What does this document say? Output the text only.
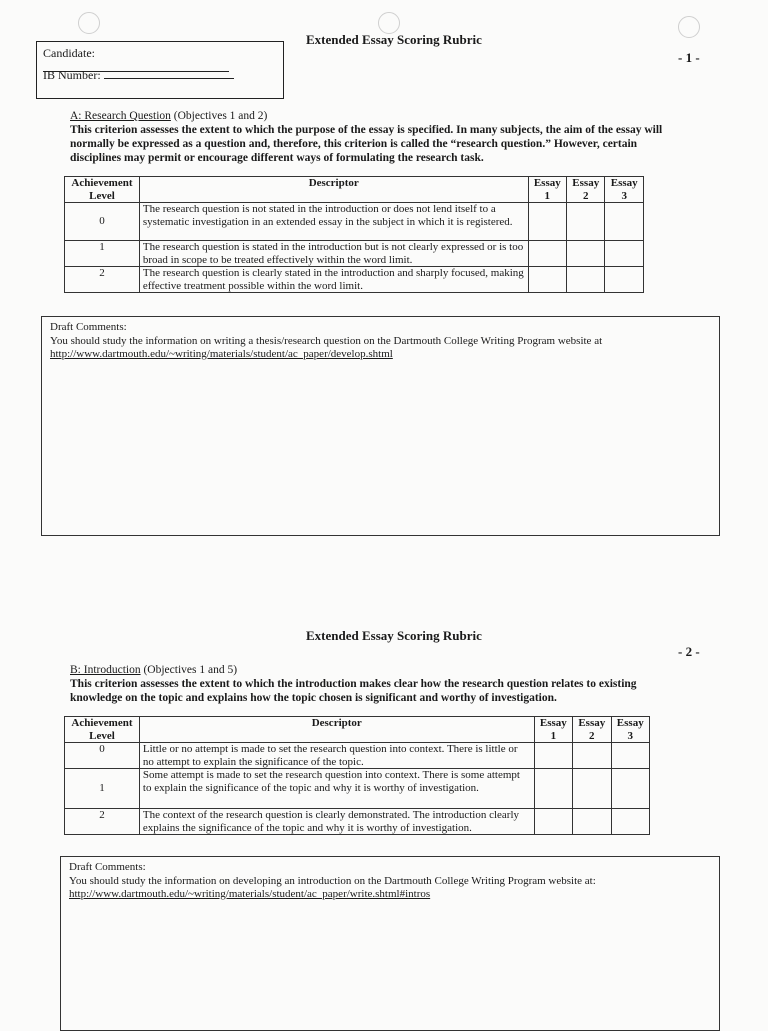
Extended Essay Scoring Rubric
- 1 -
Candidate:
IB Number:
A: Research Question (Objectives 1 and 2)
This criterion assesses the extent to which the purpose of the essay is specified. In many subjects, the aim of the essay will normally be expressed as a question and, therefore, this criterion is called the “research question.” However, certain disciplines may permit or encourage different ways of formulating the research task.
Achievement Level	Descriptor	Essay 1	Essay 2	Essay 3
0	The research question is not stated in the introduction or does not lend itself to a systematic investigation in an extended essay in the subject in which it is registered.			
1	The research question is stated in the introduction but is not clearly expressed or is too broad in scope to be treated effectively within the word limit.			
2	The research question is clearly stated in the introduction and sharply focused, making effective treatment possible within the word limit.			
Draft Comments:
You should study the information on writing a thesis/research question on the Dartmouth College Writing Program website at
http://www.dartmouth.edu/~writing/materials/student/ac_paper/develop.shtml
Extended Essay Scoring Rubric
- 2 -
B: Introduction (Objectives 1 and 5)
This criterion assesses the extent to which the introduction makes clear how the research question relates to existing knowledge on the topic and explains how the topic chosen is significant and worthy of investigation.
Achievement Level	Descriptor	Essay 1	Essay 2	Essay 3
0	Little or no attempt is made to set the research question into context. There is little or no attempt to explain the significance of the topic.			
1	Some attempt is made to set the research question into context. There is some attempt to explain the significance of the topic and why it is worthy of investigation.			
2	The context of the research question is clearly demonstrated. The introduction clearly explains the significance of the topic and why it is worthy of investigation.			
Draft Comments:
You should study the information on developing an introduction on the Dartmouth College Writing Program website at:
http://www.dartmouth.edu/~writing/materials/student/ac_paper/write.shtml#intros
